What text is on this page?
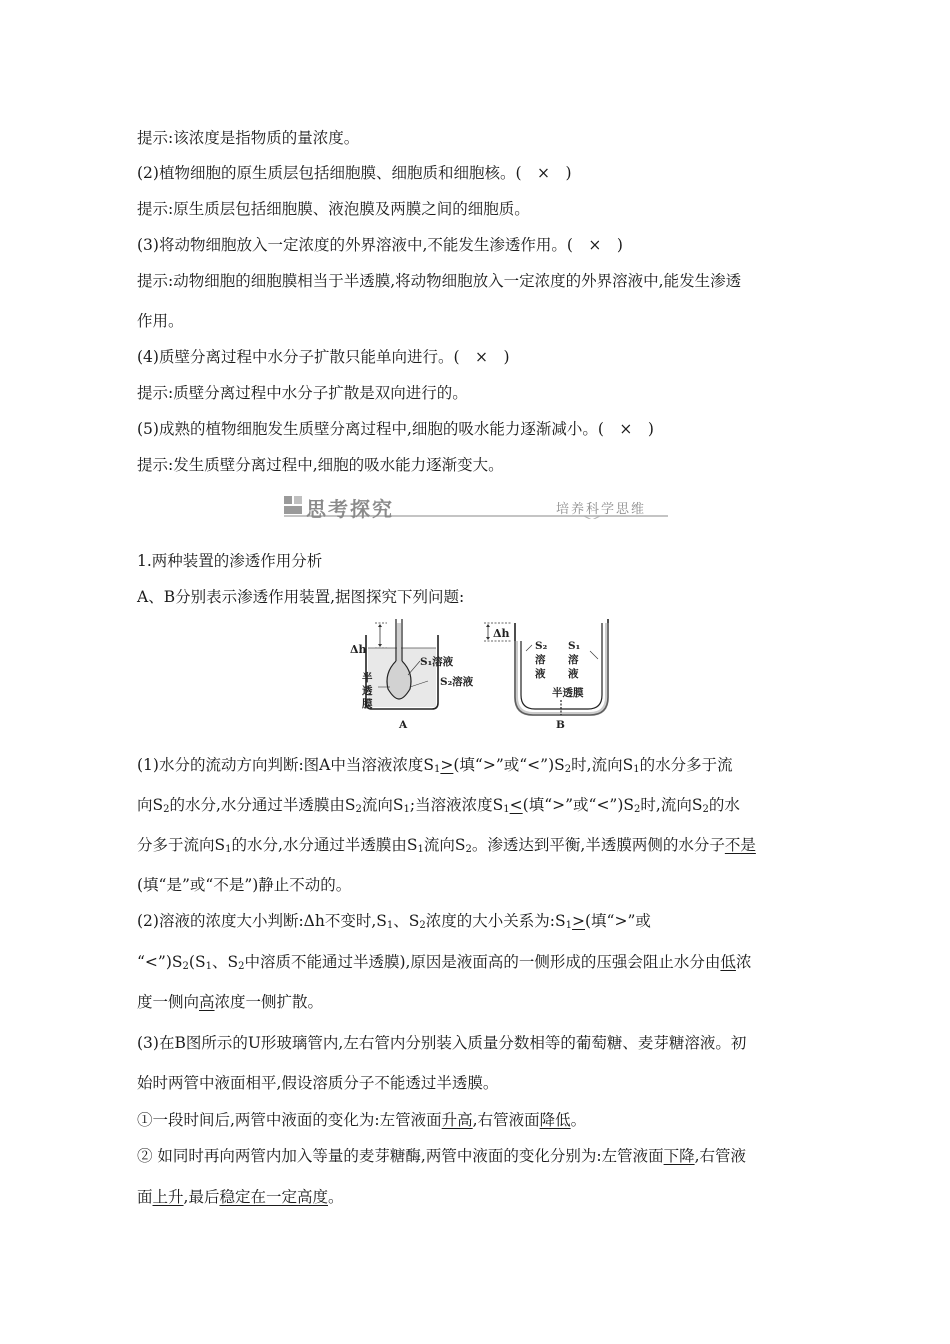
提示:该浓度是指物质的量浓度。
(2)植物细胞的原生质层包括细胞膜、细胞质和细胞核。(　×　)
提示:原生质层包括细胞膜、液泡膜及两膜之间的细胞质。
(3)将动物细胞放入一定浓度的外界溶液中,不能发生渗透作用。(　×　)
提示:动物细胞的细胞膜相当于半透膜,将动物细胞放入一定浓度的外界溶液中,能发生渗透
作用。
(4)质壁分离过程中水分子扩散只能单向进行。(　×　)
提示:质壁分离过程中水分子扩散是双向进行的。
(5)成熟的植物细胞发生质壁分离过程中,细胞的吸水能力逐渐减小。(　×　)
提示:发生质壁分离过程中,细胞的吸水能力逐渐变大。
思考探究	培养科学思维
1.两种装置的渗透作用分析
A、B分别表示渗透作用装置,据图探究下列问题:
Δh
S₁溶液
S₂溶液
半
透
膜
A
Δh
S₂
溶
液
S₁
溶
液
半透膜
B
(1)水分的流动方向判断:图A中当溶液浓度$S_1>$(填“>”或“$<”)S_2$时,流向$S_1$的水分多于流
向$S_2$的水分,水分通过半透膜由$S_2$流向$S_1$;当溶液浓度$S_1<$(填“>”或“$<”)S_2$时,流向$S_2$的水
分多于流向$S_1$的水分,水分通过半透膜由$S_1$流向$S_2$。渗透达到平衡,半透膜两侧的水分子不是
(填“是”或“不是”)静止不动的。
(2)溶液的浓度大小判断:Δh不变时$,S_1$、$S_2$浓度的大小关系为$:S_1>$(填“>”或
“$<”)S_2(S_1$、$S_2$中溶质不能通过半透膜),原因是液面高的一侧形成的压强会阻止水分由低浓
度一侧向高浓度一侧扩散。
(3)在B图所示的U形玻璃管内,左右管内分别装入质量分数相等的葡萄糖、麦芽糖溶液。初
始时两管中液面相平,假设溶质分子不能透过半透膜。
①一段时间后,两管中液面的变化为:左管液面升高,右管液面降低。
② 如同时再向两管内加入等量的麦芽糖酶,两管中液面的变化分别为:左管液面下降,右管液
面上升,最后稳定在一定高度。
